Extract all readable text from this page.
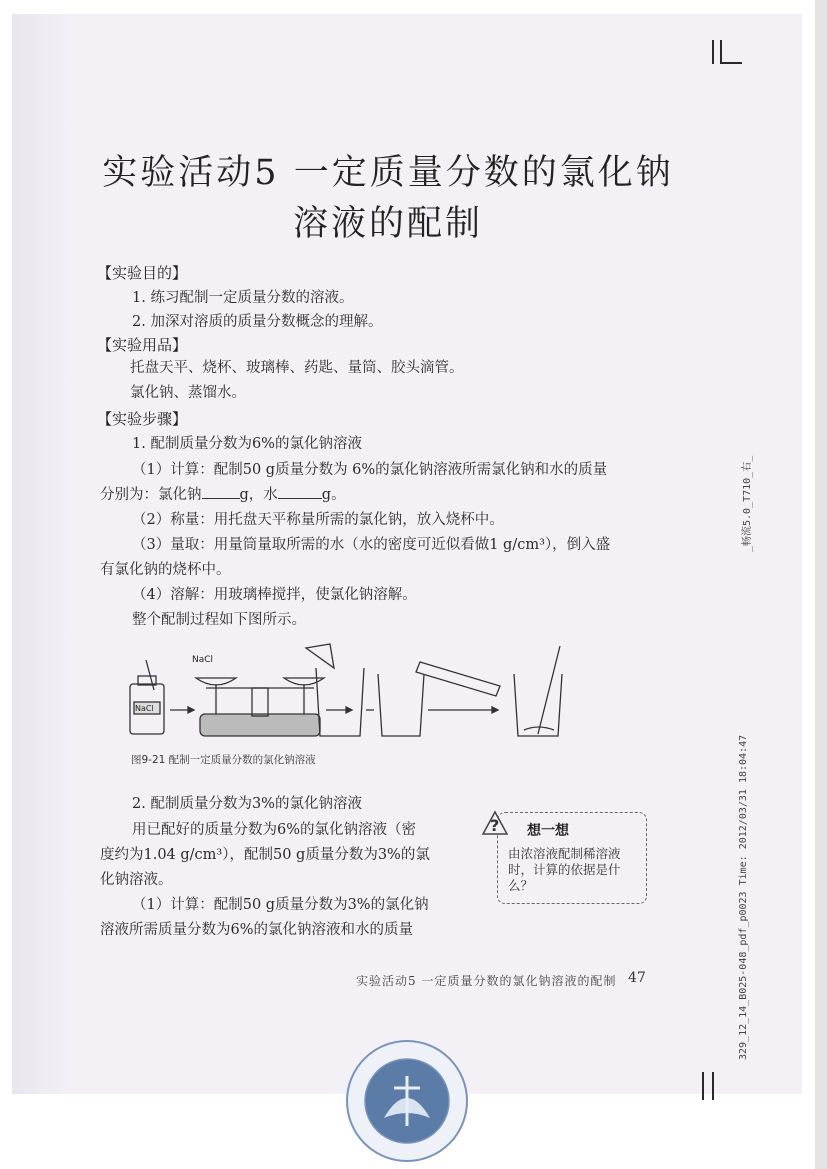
实验活动5 一定质量分数的氯化钠
溶液的配制
【实验目的】
1. 练习配制一定质量分数的溶液。
2. 加深对溶质的质量分数概念的理解。
【实验用品】
托盘天平、烧杯、玻璃棒、药匙、量筒、胶头滴管。
氯化钠、蒸馏水。
【实验步骤】
1. 配制质量分数为6%的氯化钠溶液
（1）计算：配制50 g质量分数为 6%的氯化钠溶液所需氯化钠和水的质量
分别为：氯化钠	g，水	g。
（2）称量：用托盘天平称量所需的氯化钠，放入烧杯中。
（3）量取：用量筒量取所需的水（水的密度可近似看做1 g/cm³），倒入盛
有氯化钠的烧杯中。
（4）溶解：用玻璃棒搅拌，使氯化钠溶解。
整个配制过程如下图所示。
NaCl
NaCl
图9-21 配制一定质量分数的氯化钠溶液
2. 配制质量分数为3%的氯化钠溶液
用已配好的质量分数为6%的氯化钠溶液（密
度约为1.04 g/cm³），配制50 g质量分数为3%的氯
化钠溶液。
（1）计算：配制50 g质量分数为3%的氯化钠
溶液所需质量分数为6%的氯化钠溶液和水的质量
? 想一想
由浓溶液配制稀溶液时，计算的依据是什么？
_畅流5.0_T710_右_
329_12_14_B025-048_pdf_p0023 Time: 2012/03/31 18:04:47
实验活动5 一定质量分数的氯化钠溶液的配制 47
